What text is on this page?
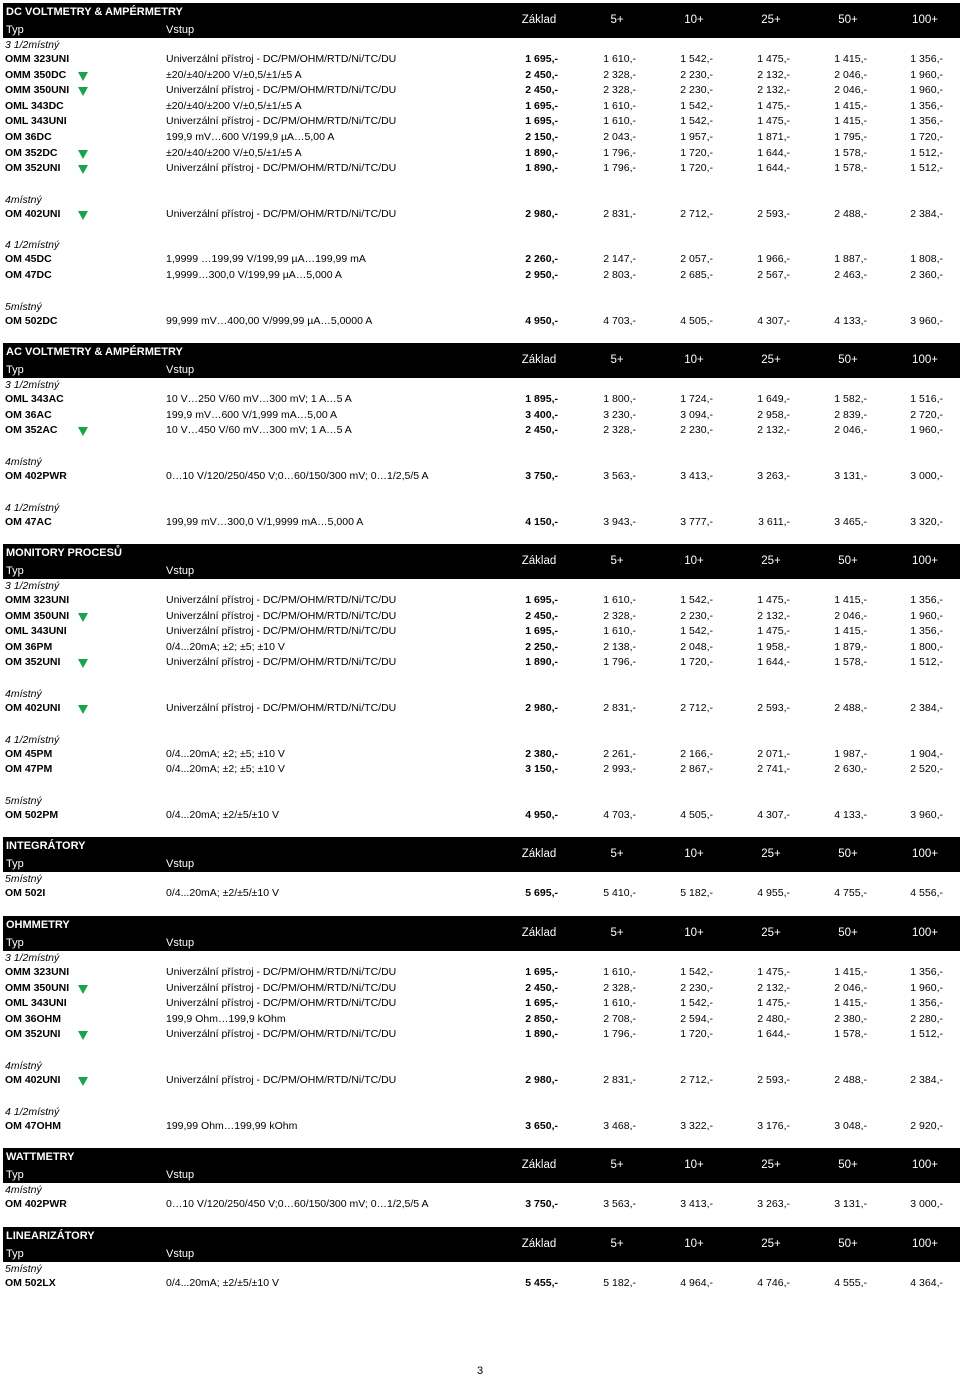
DC VOLTMETRY & AMPÉRMETRY
Typ	Vstup
Základ	5+	10+	25+	50+	100+
3 1/2místný
OMM 323UNI	Univerzální přístroj - DC/PM/OHM/RTD/Ni/TC/DU	1 695,-	1 610,-	1 542,-	1 475,-	1 415,-	1 356,-
OMM 350DC	±20/±40/±200 V/±0,5/±1/±5 A	2 450,-	2 328,-	2 230,-	2 132,-	2 046,-	1 960,-
OMM 350UNI	Univerzální přístroj - DC/PM/OHM/RTD/Ni/TC/DU	2 450,-	2 328,-	2 230,-	2 132,-	2 046,-	1 960,-
OML 343DC	±20/±40/±200 V/±0,5/±1/±5 A	1 695,-	1 610,-	1 542,-	1 475,-	1 415,-	1 356,-
OML 343UNI	Univerzální přístroj - DC/PM/OHM/RTD/Ni/TC/DU	1 695,-	1 610,-	1 542,-	1 475,-	1 415,-	1 356,-
OM 36DC	199,9 mV…600 V/199,9 µA…5,00 A	2 150,-	2 043,-	1 957,-	1 871,-	1 795,-	1 720,-
OM 352DC	±20/±40/±200 V/±0,5/±1/±5 A	1 890,-	1 796,-	1 720,-	1 644,-	1 578,-	1 512,-
OM 352UNI	Univerzální přístroj - DC/PM/OHM/RTD/Ni/TC/DU	1 890,-	1 796,-	1 720,-	1 644,-	1 578,-	1 512,-
4místný
OM 402UNI	Univerzální přístroj - DC/PM/OHM/RTD/Ni/TC/DU	2 980,-	2 831,-	2 712,-	2 593,-	2 488,-	2 384,-
4 1/2místný
OM 45DC	1,9999 …199,99 V/199,99 µA…199,99 mA	2 260,-	2 147,-	2 057,-	1 966,-	1 887,-	1 808,-
OM 47DC	1,9999…300,0 V/199,99 µA…5,000 A	2 950,-	2 803,-	2 685,-	2 567,-	2 463,-	2 360,-
5místný
OM 502DC	99,999 mV…400,00 V/999,99 µA…5,0000 A	4 950,-	4 703,-	4 505,-	4 307,-	4 133,-	3 960,-
AC VOLTMETRY & AMPÉRMETRY
Typ	Vstup
Základ	5+	10+	25+	50+	100+
3 1/2místný
OML 343AC	10 V…250 V/60 mV…300 mV; 1 A…5 A	1 895,-	1 800,-	1 724,-	1 649,-	1 582,-	1 516,-
OM 36AC	199,9 mV…600 V/1,999 mA…5,00 A	3 400,-	3 230,-	3 094,-	2 958,-	2 839,-	2 720,-
OM 352AC	10 V…450 V/60 mV…300 mV; 1 A…5 A	2 450,-	2 328,-	2 230,-	2 132,-	2 046,-	1 960,-
4místný
OM 402PWR	0…10 V/120/250/450 V;0…60/150/300 mV; 0…1/2,5/5 A	3 750,-	3 563,-	3 413,-	3 263,-	3 131,-	3 000,-
4 1/2místný
OM 47AC	199,99 mV…300,0 V/1,9999 mA…5,000 A	4 150,-	3 943,-	3 777,-	3 611,-	3 465,-	3 320,-
MONITORY PROCESŮ
Typ	Vstup
Základ	5+	10+	25+	50+	100+
3 1/2místný
OMM 323UNI	Univerzální přístroj - DC/PM/OHM/RTD/Ni/TC/DU	1 695,-	1 610,-	1 542,-	1 475,-	1 415,-	1 356,-
OMM 350UNI	Univerzální přístroj - DC/PM/OHM/RTD/Ni/TC/DU	2 450,-	2 328,-	2 230,-	2 132,-	2 046,-	1 960,-
OML 343UNI	Univerzální přístroj - DC/PM/OHM/RTD/Ni/TC/DU	1 695,-	1 610,-	1 542,-	1 475,-	1 415,-	1 356,-
OM 36PM	0/4...20mA; ±2; ±5; ±10 V	2 250,-	2 138,-	2 048,-	1 958,-	1 879,-	1 800,-
OM 352UNI	Univerzální přístroj - DC/PM/OHM/RTD/Ni/TC/DU	1 890,-	1 796,-	1 720,-	1 644,-	1 578,-	1 512,-
4místný
OM 402UNI	Univerzální přístroj - DC/PM/OHM/RTD/Ni/TC/DU	2 980,-	2 831,-	2 712,-	2 593,-	2 488,-	2 384,-
4 1/2místný
OM 45PM	0/4...20mA; ±2; ±5; ±10 V	2 380,-	2 261,-	2 166,-	2 071,-	1 987,-	1 904,-
OM 47PM	0/4...20mA; ±2; ±5; ±10 V	3 150,-	2 993,-	2 867,-	2 741,-	2 630,-	2 520,-
5místný
OM 502PM	0/4...20mA; ±2/±5/±10 V	4 950,-	4 703,-	4 505,-	4 307,-	4 133,-	3 960,-
INTEGRÁTORY
Typ	Vstup
Základ	5+	10+	25+	50+	100+
5místný
OM 502I	0/4...20mA; ±2/±5/±10 V	5 695,-	5 410,-	5 182,-	4 955,-	4 755,-	4 556,-
OHMMETRY
Typ	Vstup
Základ	5+	10+	25+	50+	100+
3 1/2místný
OMM 323UNI	Univerzální přístroj - DC/PM/OHM/RTD/Ni/TC/DU	1 695,-	1 610,-	1 542,-	1 475,-	1 415,-	1 356,-
OMM 350UNI	Univerzální přístroj - DC/PM/OHM/RTD/Ni/TC/DU	2 450,-	2 328,-	2 230,-	2 132,-	2 046,-	1 960,-
OML 343UNI	Univerzální přístroj - DC/PM/OHM/RTD/Ni/TC/DU	1 695,-	1 610,-	1 542,-	1 475,-	1 415,-	1 356,-
OM 36OHM	199,9 Ohm…199,9 kOhm	2 850,-	2 708,-	2 594,-	2 480,-	2 380,-	2 280,-
OM 352UNI	Univerzální přístroj - DC/PM/OHM/RTD/Ni/TC/DU	1 890,-	1 796,-	1 720,-	1 644,-	1 578,-	1 512,-
4místný
OM 402UNI	Univerzální přístroj - DC/PM/OHM/RTD/Ni/TC/DU	2 980,-	2 831,-	2 712,-	2 593,-	2 488,-	2 384,-
4 1/2místný
OM 47OHM	199,99 Ohm…199,99 kOhm	3 650,-	3 468,-	3 322,-	3 176,-	3 048,-	2 920,-
WATTMETRY
Typ	Vstup
Základ	5+	10+	25+	50+	100+
4místný
OM 402PWR	0…10 V/120/250/450 V;0…60/150/300 mV; 0…1/2,5/5 A	3 750,-	3 563,-	3 413,-	3 263,-	3 131,-	3 000,-
LINEARIZÁTORY
Typ	Vstup
Základ	5+	10+	25+	50+	100+
5místný
OM 502LX	0/4...20mA; ±2/±5/±10 V	5 455,-	5 182,-	4 964,-	4 746,-	4 555,-	4 364,-
3
